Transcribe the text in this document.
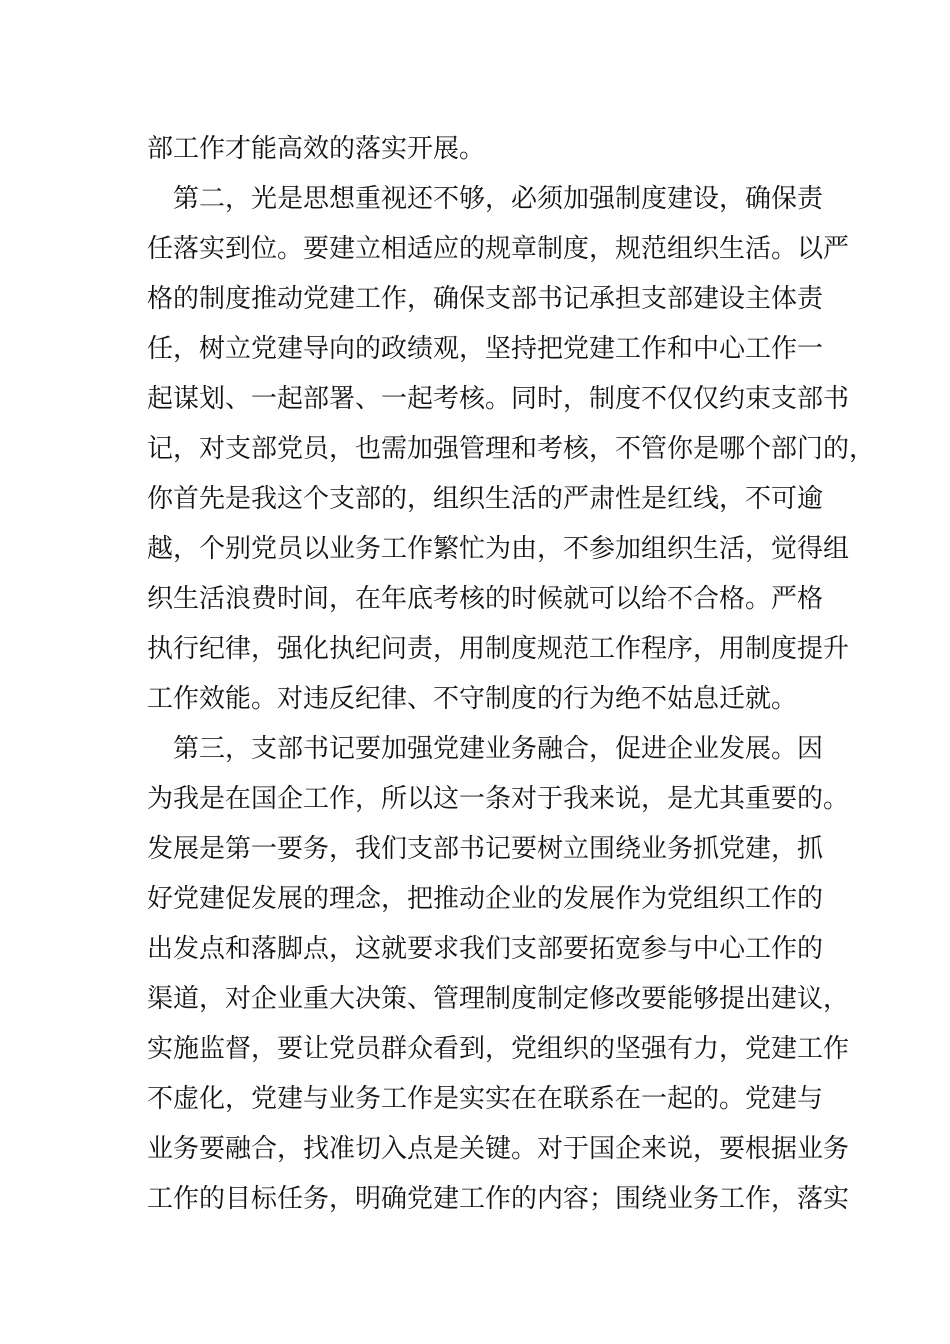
部工作才能高效的落实开展。
　第二，光是思想重视还不够，必须加强制度建设，确保责
任落实到位。要建立相适应的规章制度，规范组织生活。以严
格的制度推动党建工作，确保支部书记承担支部建设主体责
任，树立党建导向的政绩观，坚持把党建工作和中心工作一
起谋划、一起部署、一起考核。同时，制度不仅仅约束支部书
记，对支部党员，也需加强管理和考核，不管你是哪个部门的，
你首先是我这个支部的，组织生活的严肃性是红线，不可逾
越，个别党员以业务工作繁忙为由，不参加组织生活，觉得组
织生活浪费时间，在年底考核的时候就可以给不合格。严格
执行纪律，强化执纪问责，用制度规范工作程序，用制度提升
工作效能。对违反纪律、不守制度的行为绝不姑息迁就。
　第三，支部书记要加强党建业务融合，促进企业发展。因
为我是在国企工作，所以这一条对于我来说，是尤其重要的。
发展是第一要务，我们支部书记要树立围绕业务抓党建，抓
好党建促发展的理念，把推动企业的发展作为党组织工作的
出发点和落脚点，这就要求我们支部要拓宽参与中心工作的
渠道，对企业重大决策、管理制度制定修改要能够提出建议，
实施监督，要让党员群众看到，党组织的坚强有力，党建工作
不虚化，党建与业务工作是实实在在联系在一起的。党建与
业务要融合，找准切入点是关键。对于国企来说，要根据业务
工作的目标任务，明确党建工作的内容；围绕业务工作，落实
